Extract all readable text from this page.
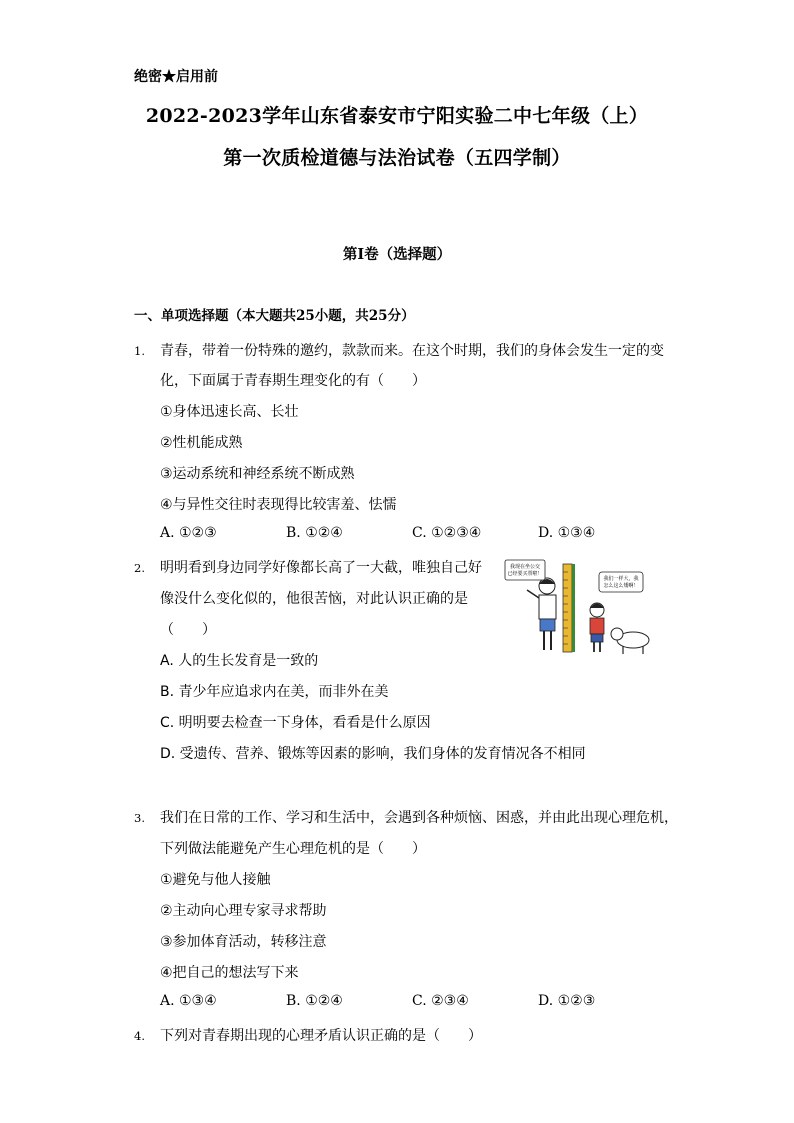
绝密★启用前
2022-2023学年山东省泰安市宁阳实验二中七年级（上）
第一次质检道德与法治试卷（五四学制）
第I卷（选择题）
一、单项选择题（本大题共25小题，共25分）
1. 青春，带着一份特殊的邀约，款款而来。在这个时期，我们的身体会发生一定的变
化，下面属于青春期生理变化的有（　　）
①身体迅速长高、长壮
②性机能成熟
③运动系统和神经系统不断成熟
④与异性交往时表现得比较害羞、怯懦
A. ①②③	B. ①②④	C. ①②③④	D. ①③④
2. 明明看到身边同学好像都长高了一大截，唯独自己好
像没什么变化似的，他很苦恼，对此认识正确的是
（　　）
我现在坐公交
已经要买票啦！
我们一样大，我
怎么这么矮啊！
A. 人的生长发育是一致的
B. 青少年应追求内在美，而非外在美
C. 明明要去检查一下身体，看看是什么原因
D. 受遗传、营养、锻炼等因素的影响，我们身体的发育情况各不相同
3. 我们在日常的工作、学习和生活中，会遇到各种烦恼、困惑，并由此出现心理危机，
下列做法能避免产生心理危机的是（　　）
①避免与他人接触
②主动向心理专家寻求帮助
③参加体育活动，转移注意
④把自己的想法写下来
A. ①③④	B. ①②④	C. ②③④	D. ①②③
4. 下列对青春期出现的心理矛盾认识正确的是（　　）
